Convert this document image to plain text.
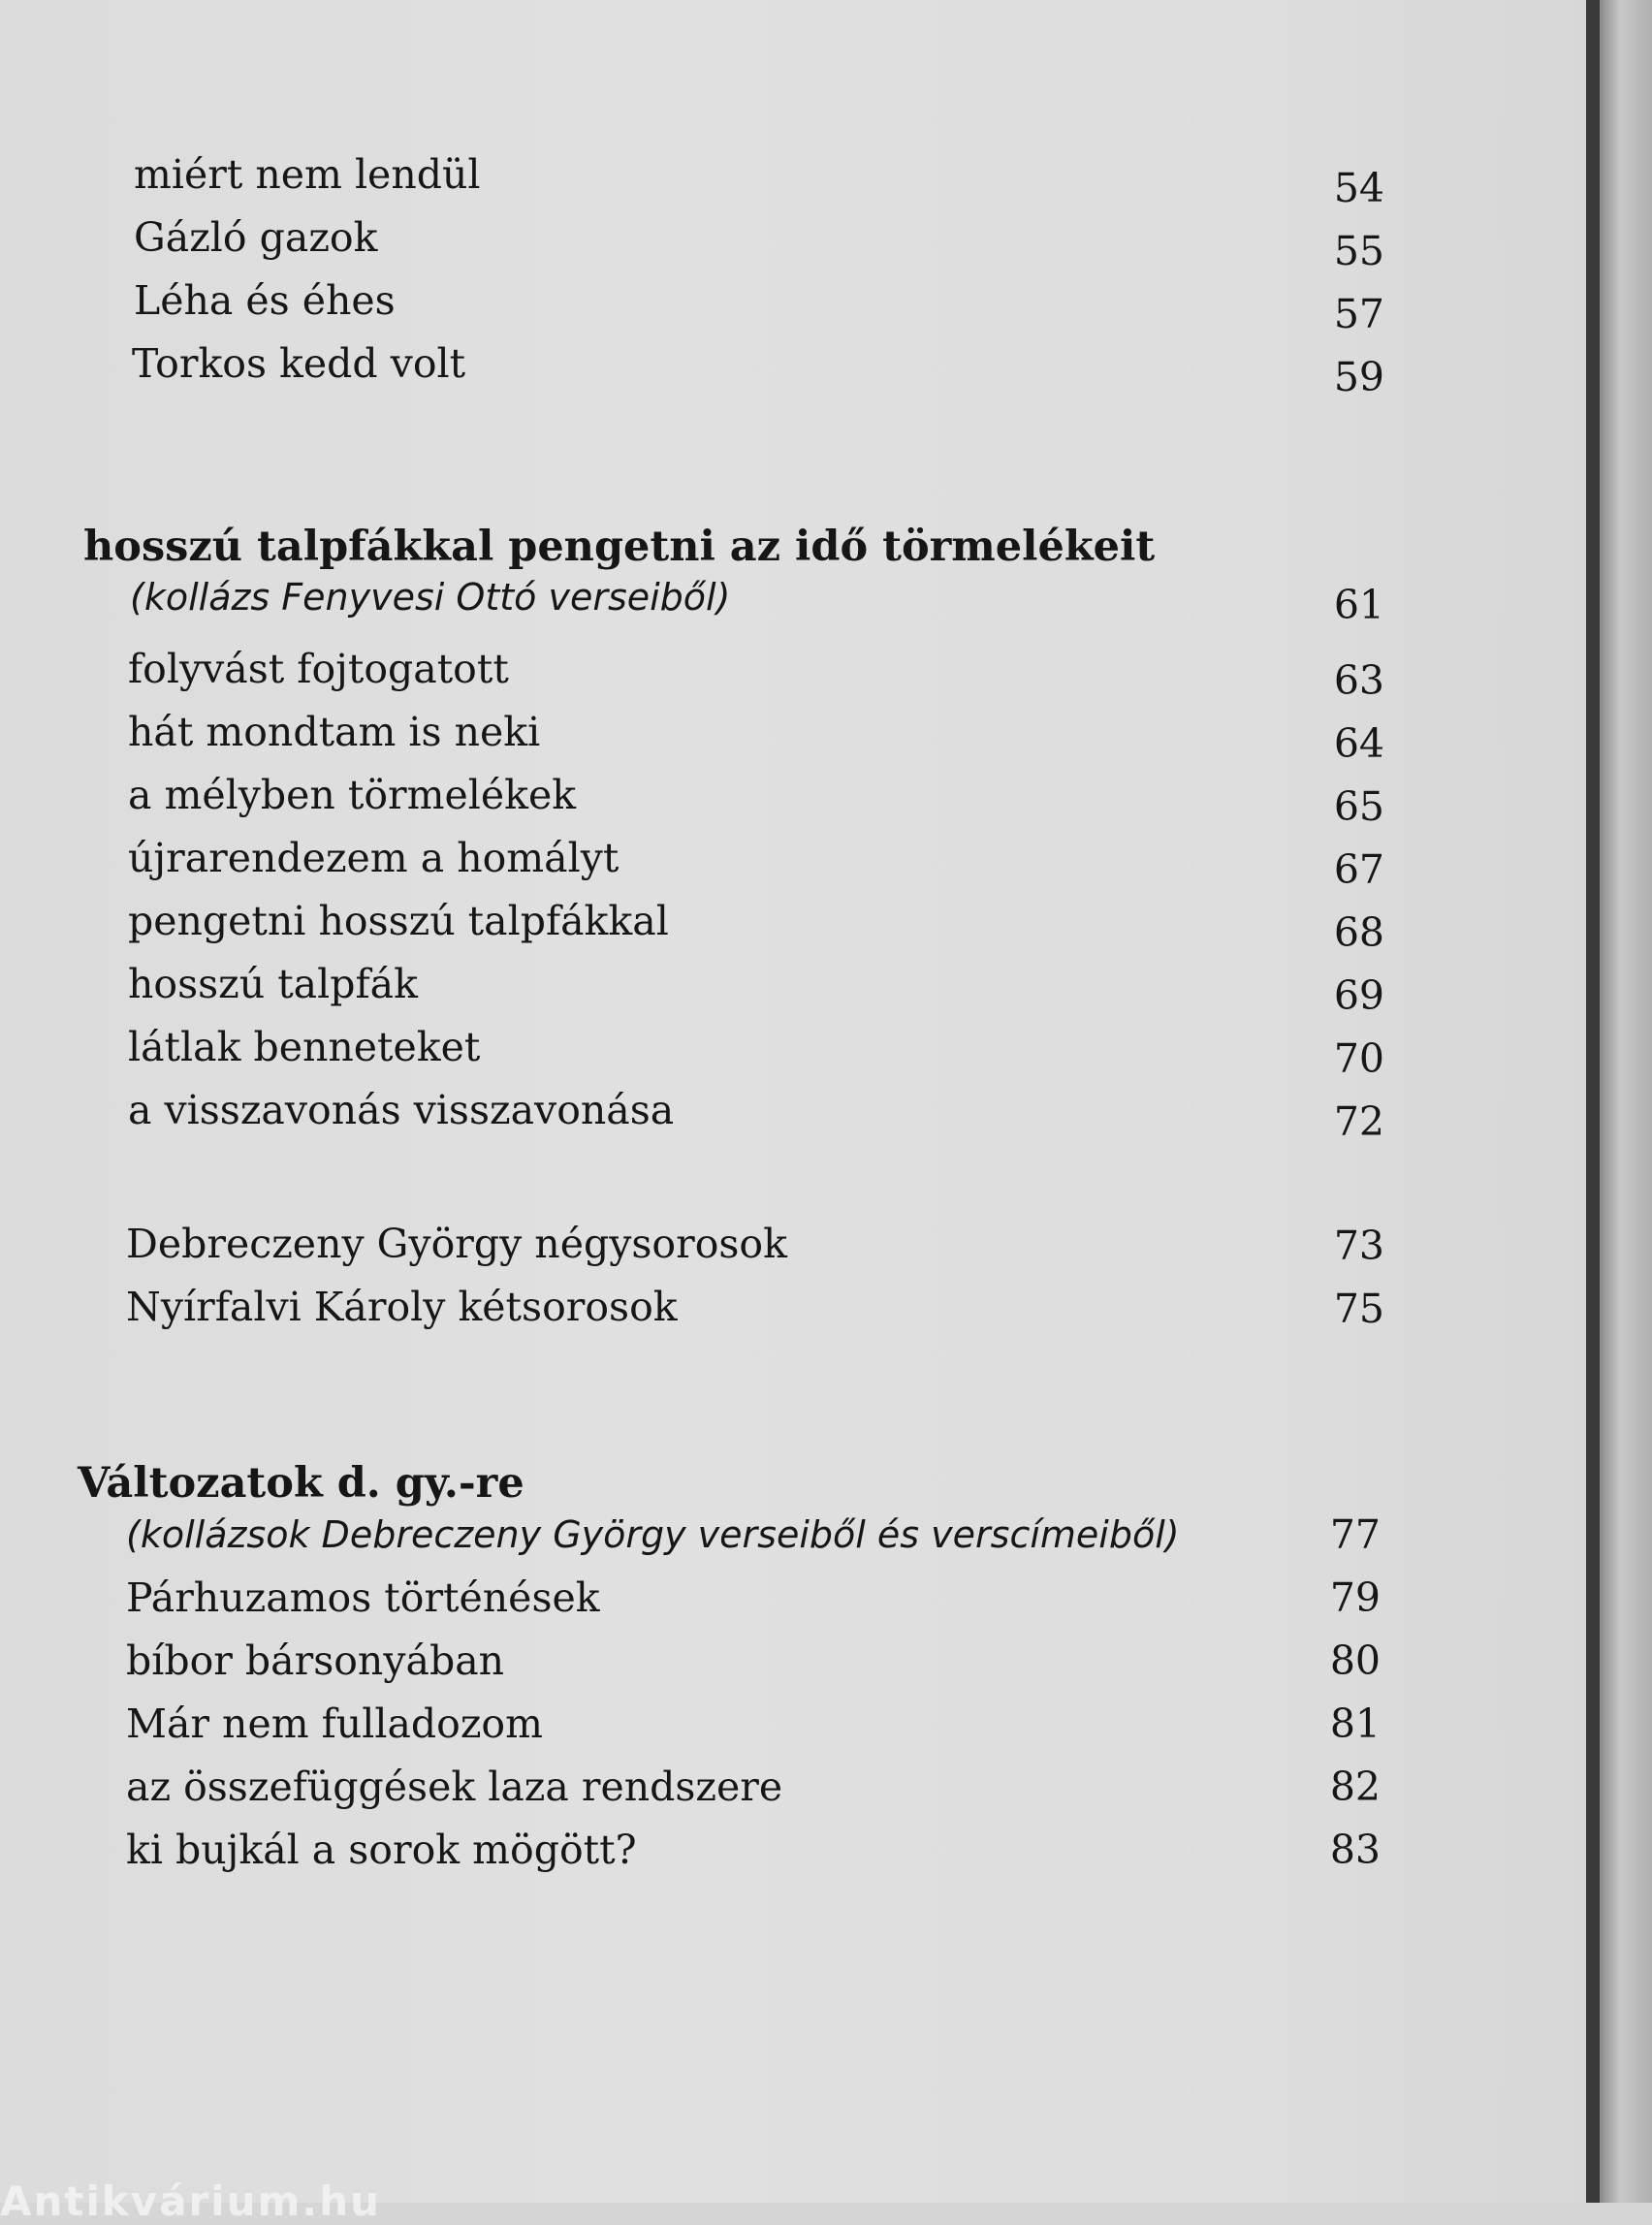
miért nem lendül	54
Gázló gazok	55
Léha és éhes	57
Torkos kedd volt	59
hosszú talpfákkal pengetni az idő törmelékeit
(kollázs Fenyvesi Ottó verseiből)	61
folyvást fojtogatott	63
hát mondtam is neki	64
a mélyben törmelékek	65
újrarendezem a homályt	67
pengetni hosszú talpfákkal	68
hosszú talpfák	69
látlak benneteket	70
a visszavonás visszavonása	72
Debreczeny György négysorosok	73
Nyírfalvi Károly kétsorosok	75
Változatok d. gy.-re
(kollázsok Debreczeny György verseiből és verscímeiből)	77
Párhuzamos történések	79
bíbor bársonyában	80
Már nem fulladozom	81
az összefüggések laza rendszere	82
ki bujkál a sorok mögött?	83
Antikvárium.hu
